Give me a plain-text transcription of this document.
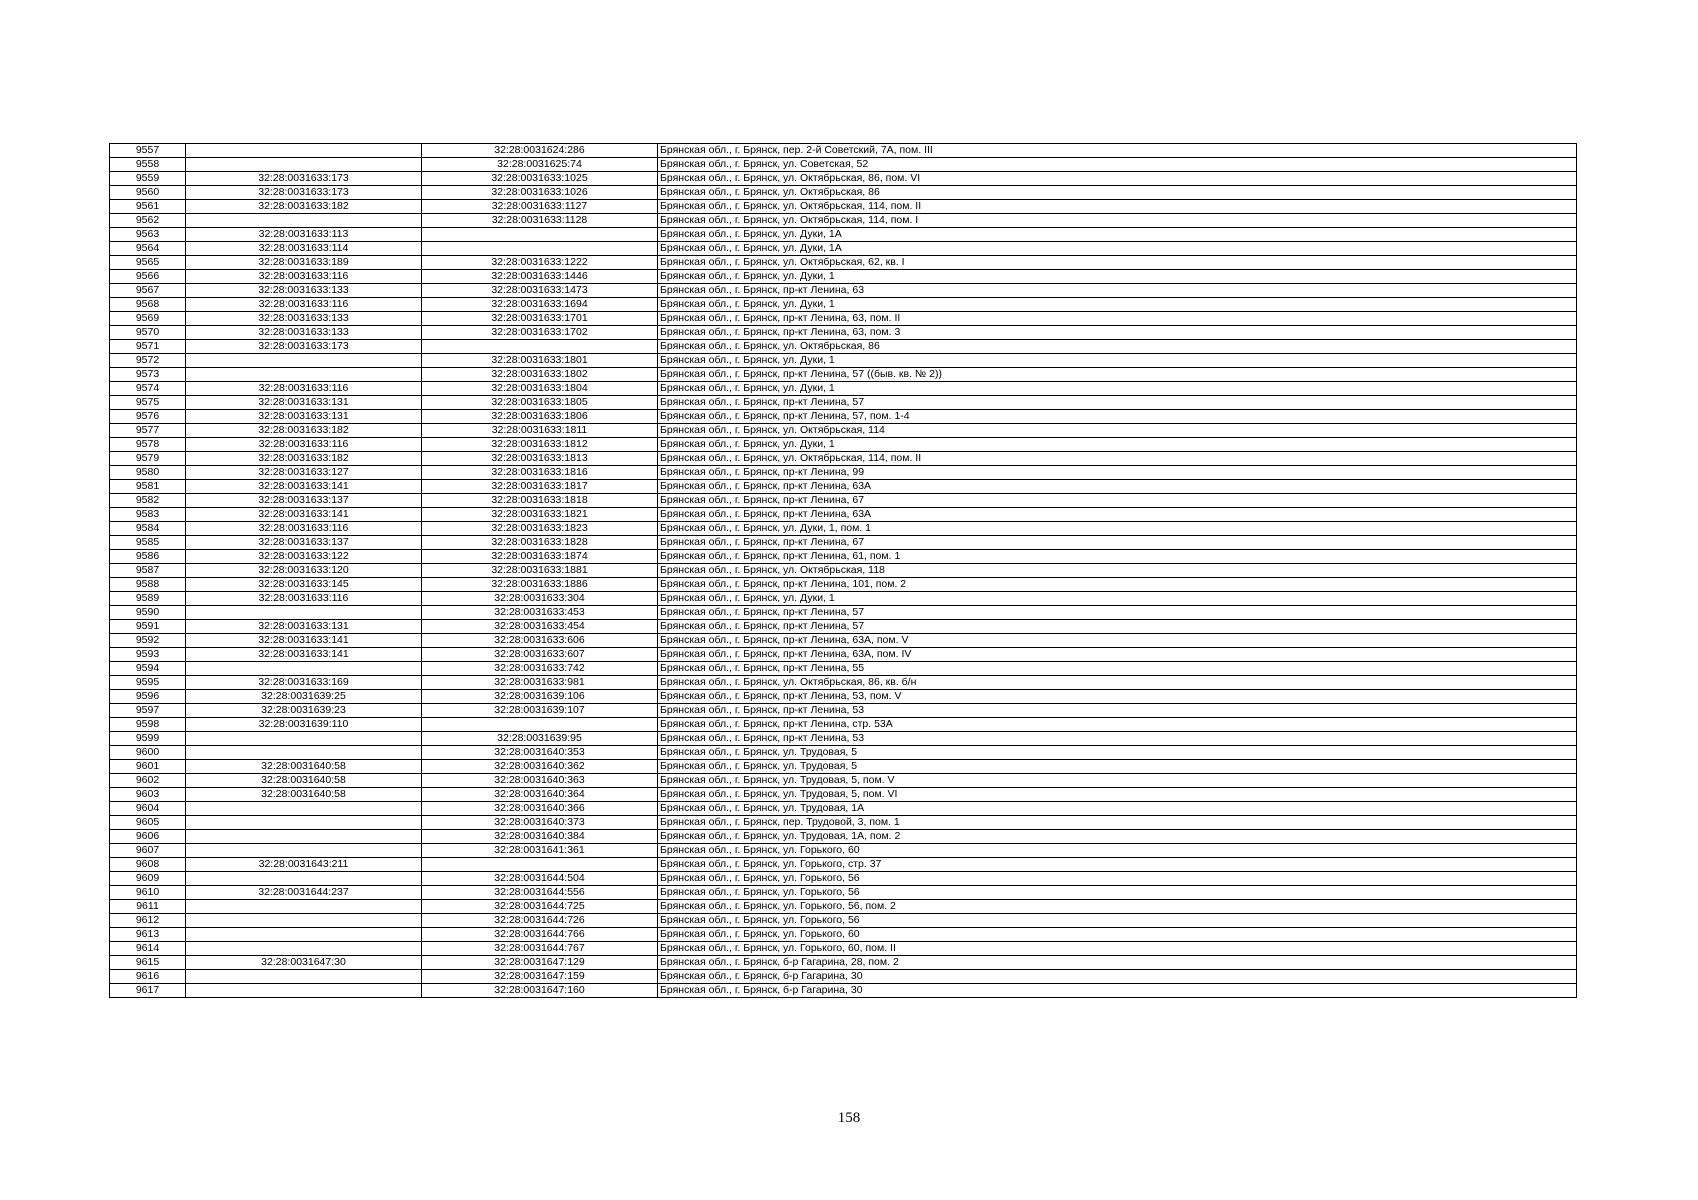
9557		32:28:0031624:286	Брянская обл., г. Брянск, пер. 2-й Советский, 7А, пом. III
9558		32:28:0031625:74	Брянская обл., г. Брянск, ул. Советская, 52
9559	32:28:0031633:173	32:28:0031633:1025	Брянская обл., г. Брянск, ул. Октябрьская, 86, пом. VI
9560	32:28:0031633:173	32:28:0031633:1026	Брянская обл., г. Брянск, ул. Октябрьская, 86
9561	32:28:0031633:182	32:28:0031633:1127	Брянская обл., г. Брянск, ул. Октябрьская, 114, пом. II
9562		32:28:0031633:1128	Брянская обл., г. Брянск, ул. Октябрьская, 114, пом. I
9563	32:28:0031633:113		Брянская обл., г. Брянск, ул. Дуки, 1А
9564	32:28:0031633:114		Брянская обл., г. Брянск, ул. Дуки, 1А
9565	32:28:0031633:189	32:28:0031633:1222	Брянская обл., г. Брянск, ул. Октябрьская, 62, кв. I
9566	32:28:0031633:116	32:28:0031633:1446	Брянская обл., г. Брянск, ул. Дуки, 1
9567	32:28:0031633:133	32:28:0031633:1473	Брянская обл., г. Брянск, пр-кт Ленина, 63
9568	32:28:0031633:116	32:28:0031633:1694	Брянская обл., г. Брянск, ул. Дуки, 1
9569	32:28:0031633:133	32:28:0031633:1701	Брянская обл., г. Брянск, пр-кт Ленина, 63, пом. II
9570	32:28:0031633:133	32:28:0031633:1702	Брянская обл., г. Брянск, пр-кт Ленина, 63, пом. 3
9571	32:28:0031633:173		Брянская обл., г. Брянск, ул. Октябрьская, 86
9572		32:28:0031633:1801	Брянская обл., г. Брянск, ул. Дуки, 1
9573		32:28:0031633:1802	Брянская обл., г. Брянск, пр-кт Ленина, 57 ((быв. кв. № 2))
9574	32:28:0031633:116	32:28:0031633:1804	Брянская обл., г. Брянск, ул. Дуки, 1
9575	32:28:0031633:131	32:28:0031633:1805	Брянская обл., г. Брянск, пр-кт Ленина, 57
9576	32:28:0031633:131	32:28:0031633:1806	Брянская обл., г. Брянск, пр-кт Ленина, 57, пом. 1-4
9577	32:28:0031633:182	32:28:0031633:1811	Брянская обл., г. Брянск, ул. Октябрьская, 114
9578	32:28:0031633:116	32:28:0031633:1812	Брянская обл., г. Брянск, ул. Дуки, 1
9579	32:28:0031633:182	32:28:0031633:1813	Брянская обл., г. Брянск, ул. Октябрьская, 114, пом. II
9580	32:28:0031633:127	32:28:0031633:1816	Брянская обл., г. Брянск, пр-кт Ленина, 99
9581	32:28:0031633:141	32:28:0031633:1817	Брянская обл., г. Брянск, пр-кт Ленина, 63А
9582	32:28:0031633:137	32:28:0031633:1818	Брянская обл., г. Брянск, пр-кт Ленина, 67
9583	32:28:0031633:141	32:28:0031633:1821	Брянская обл., г. Брянск, пр-кт Ленина, 63А
9584	32:28:0031633:116	32:28:0031633:1823	Брянская обл., г. Брянск, ул. Дуки, 1, пом. 1
9585	32:28:0031633:137	32:28:0031633:1828	Брянская обл., г. Брянск, пр-кт Ленина, 67
9586	32:28:0031633:122	32:28:0031633:1874	Брянская обл., г. Брянск, пр-кт Ленина, 61, пом. 1
9587	32:28:0031633:120	32:28:0031633:1881	Брянская обл., г. Брянск, ул. Октябрьская, 118
9588	32:28:0031633:145	32:28:0031633:1886	Брянская обл., г. Брянск, пр-кт Ленина, 101, пом. 2
9589	32:28:0031633:116	32:28:0031633:304	Брянская обл., г. Брянск, ул. Дуки, 1
9590		32:28:0031633:453	Брянская обл., г. Брянск, пр-кт Ленина, 57
9591	32:28:0031633:131	32:28:0031633:454	Брянская обл., г. Брянск, пр-кт Ленина, 57
9592	32:28:0031633:141	32:28:0031633:606	Брянская обл., г. Брянск, пр-кт Ленина, 63А, пом. V
9593	32:28:0031633:141	32:28:0031633:607	Брянская обл., г. Брянск, пр-кт Ленина, 63А, пом. IV
9594		32:28:0031633:742	Брянская обл., г. Брянск, пр-кт Ленина, 55
9595	32:28:0031633:169	32:28:0031633:981	Брянская обл., г. Брянск, ул. Октябрьская, 86, кв. б/н
9596	32:28:0031639:25	32:28:0031639:106	Брянская обл., г. Брянск, пр-кт Ленина, 53, пом. V
9597	32:28:0031639:23	32:28:0031639:107	Брянская обл., г. Брянск, пр-кт Ленина, 53
9598	32:28:0031639:110		Брянская обл., г. Брянск, пр-кт Ленина, стр. 53А
9599		32:28:0031639:95	Брянская обл., г. Брянск, пр-кт Ленина, 53
9600		32:28:0031640:353	Брянская обл., г. Брянск, ул. Трудовая, 5
9601	32:28:0031640:58	32:28:0031640:362	Брянская обл., г. Брянск, ул. Трудовая, 5
9602	32:28:0031640:58	32:28:0031640:363	Брянская обл., г. Брянск, ул. Трудовая, 5, пом. V
9603	32:28:0031640:58	32:28:0031640:364	Брянская обл., г. Брянск, ул. Трудовая, 5, пом. VI
9604		32:28:0031640:366	Брянская обл., г. Брянск, ул. Трудовая, 1А
9605		32:28:0031640:373	Брянская обл., г. Брянск, пер. Трудовой, 3, пом. 1
9606		32:28:0031640:384	Брянская обл., г. Брянск, ул. Трудовая, 1А, пом. 2
9607		32:28:0031641:361	Брянская обл., г. Брянск, ул. Горького, 60
9608	32:28:0031643:211		Брянская обл., г. Брянск, ул. Горького, стр. 37
9609		32:28:0031644:504	Брянская обл., г. Брянск, ул. Горького, 56
9610	32:28:0031644:237	32:28:0031644:556	Брянская обл., г. Брянск, ул. Горького, 56
9611		32:28:0031644:725	Брянская обл., г. Брянск, ул. Горького, 56, пом. 2
9612		32:28:0031644:726	Брянская обл., г. Брянск, ул. Горького, 56
9613		32:28:0031644:766	Брянская обл., г. Брянск, ул. Горького, 60
9614		32:28:0031644:767	Брянская обл., г. Брянск, ул. Горького, 60, пом. II
9615	32:28:0031647:30	32:28:0031647:129	Брянская обл., г. Брянск, б-р Гагарина, 28, пом. 2
9616		32:28:0031647:159	Брянская обл., г. Брянск, б-р Гагарина, 30
9617		32:28:0031647:160	Брянская обл., г. Брянск, б-р Гагарина, 30
158
